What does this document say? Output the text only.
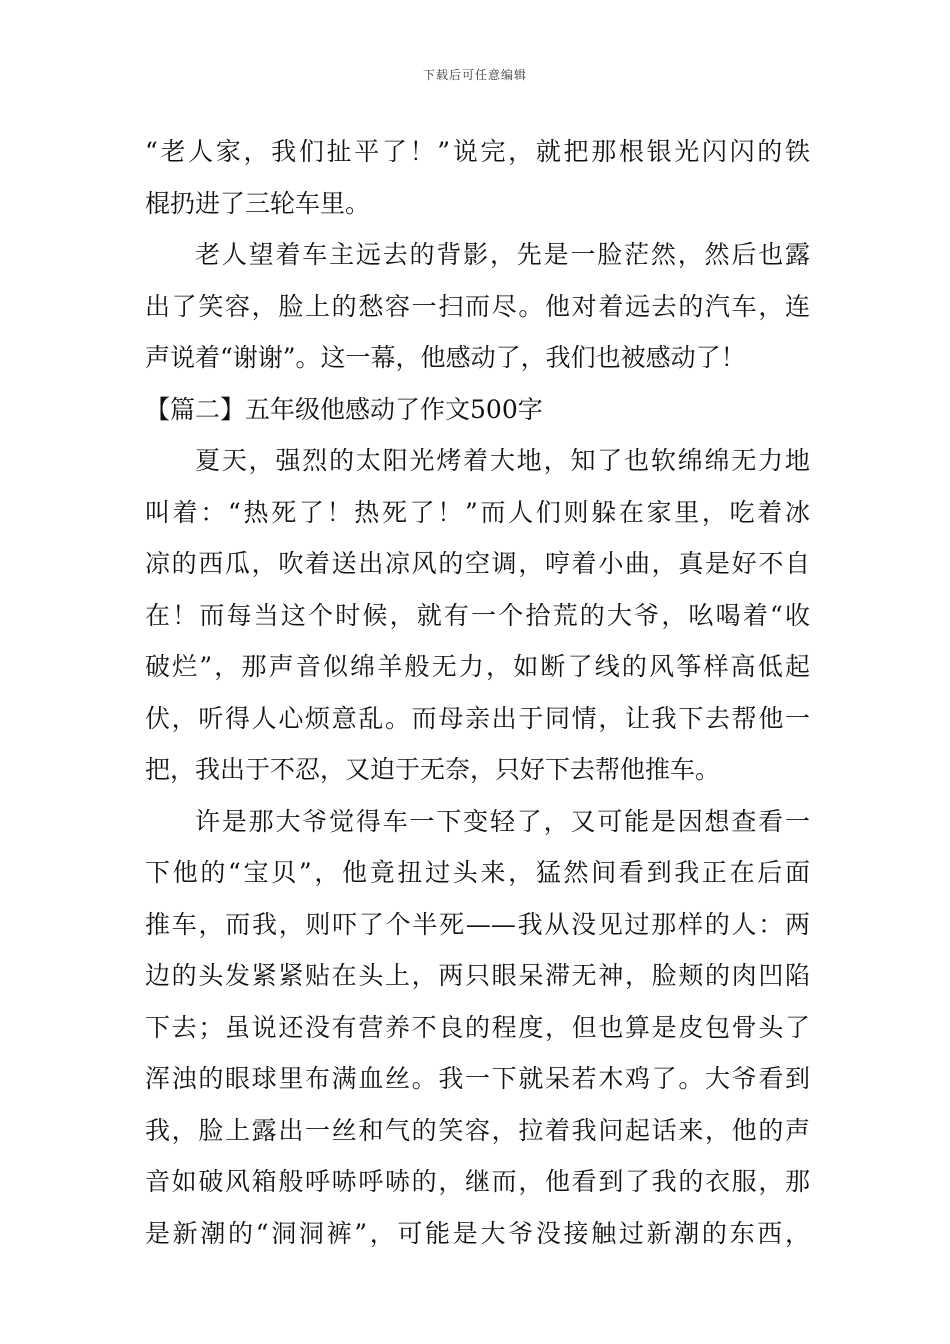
下载后可任意编辑
“老人家，我们扯平了！”说完，就把那根银光闪闪的铁
棍扔进了三轮车里。
老人望着车主远去的背影，先是一脸茫然，然后也露
出了笑容，脸上的愁容一扫而尽。他对着远去的汽车，连
声说着“谢谢”。这一幕，他感动了，我们也被感动了！
【篇二】五年级他感动了作文500字
夏天，强烈的太阳光烤着大地，知了也软绵绵无力地
叫着：“热死了！热死了！”而人们则躲在家里，吃着冰
凉的西瓜，吹着送出凉风的空调，哼着小曲，真是好不自
在！而每当这个时候，就有一个拾荒的大爷，吆喝着“收
破烂”，那声音似绵羊般无力，如断了线的风筝样高低起
伏，听得人心烦意乱。而母亲出于同情，让我下去帮他一
把，我出于不忍，又迫于无奈，只好下去帮他推车。
许是那大爷觉得车一下变轻了，又可能是因想查看一
下他的“宝贝”，他竟扭过头来，猛然间看到我正在后面
推车，而我，则吓了个半死——我从没见过那样的人：两
边的头发紧紧贴在头上，两只眼呆滞无神，脸颊的肉凹陷
下去；虽说还没有营养不良的程度，但也算是皮包骨头了
浑浊的眼球里布满血丝。我一下就呆若木鸡了。大爷看到
我，脸上露出一丝和气的笑容，拉着我问起话来，他的声
音如破风箱般呼哧呼哧的，继而，他看到了我的衣服，那
是新潮的“洞洞裤”，可能是大爷没接触过新潮的东西，
